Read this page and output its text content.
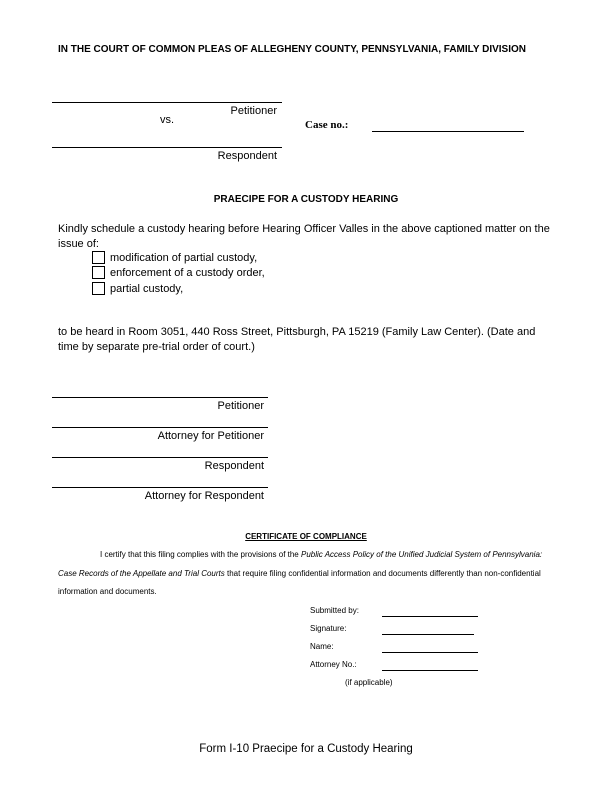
IN THE COURT OF COMMON PLEAS OF ALLEGHENY COUNTY, PENNSYLVANIA, FAMILY DIVISION
Petitioner
vs.
Respondent
Case no.:
PRAECIPE FOR A CUSTODY HEARING
Kindly schedule a custody hearing before Hearing Officer Valles in the above captioned matter on the issue of:
modification of partial custody,
enforcement of a custody order,
partial custody,
to be heard in Room 3051, 440 Ross Street, Pittsburgh, PA 15219 (Family Law Center). (Date and time by separate pre-trial order of court.)
Petitioner
Attorney for Petitioner
Respondent
Attorney for Respondent
CERTIFICATE OF COMPLIANCE
I certify that this filing complies with the provisions of the Public Access Policy of the Unified Judicial System of Pennsylvania: Case Records of the Appellate and Trial Courts that require filing confidential information and documents differently than non-confidential information and documents.
Submitted by:
Signature:
Name:
Attorney No.:
(if applicable)
Form I-10 Praecipe for a Custody Hearing
